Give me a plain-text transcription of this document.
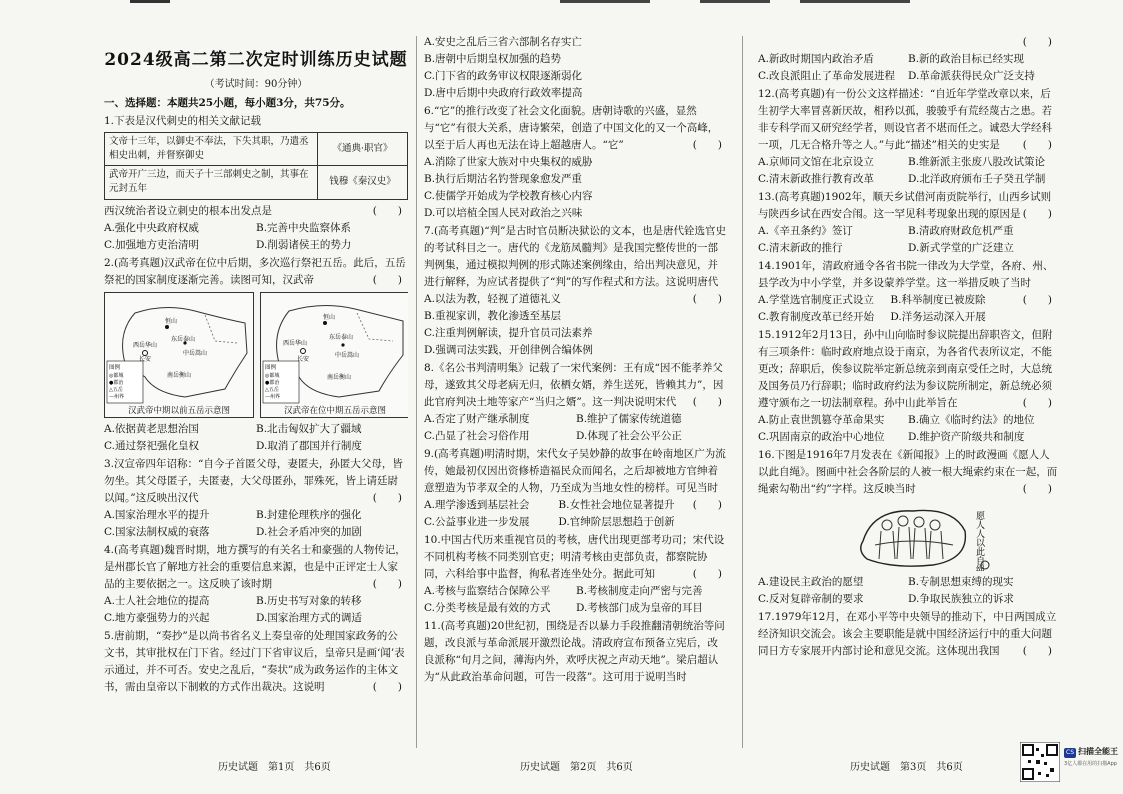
2024级高二第二次定时训练历史试题
（考试时间：90分钟）
一、选择题：本题共25小题，每小题3分，共75分。
1.下表是汉代刺史的相关文献记载
文帝十三年，以御史不奉法，下失其职，乃遣丞相史出刺，并督察御史	《通典·职官》
武帝开广三边，而天子十三部刺史之制，其事在元封五年	钱穆《秦汉史》
西汉统治者设立刺史的根本出发点是	(　　)
A.强化中央政府权威	B.完善中央监察体系
C.加强地方吏治清明	D.削弱诸侯王的势力
2.(高考真题)汉武帝在位中后期，多次巡行祭祀五岳。此后，五岳祭祀的国家制度逐渐完善。读图可知，汉武帝	(　　)
恒山
东岳泰山
中岳嵩山
西岳华山
南岳衡山
长安
图例
◎都城
●郡治
△五岳
—州界
汉武帝中期以前五岳示意图
恒山
东岳泰山
中岳嵩山
西岳华山
南岳衡山
长安
图例
◎都城
●郡治
△五岳
—州界
汉武帝在位中期五岳示意图
A.依据黄老思想治国	B.北击匈奴扩大了疆域
C.通过祭祀强化皇权	D.取消了郡国并行制度
3.汉宣帝四年诏称：“自今子首匿父母，妻匿夫，孙匿大父母，皆勿坐。其父母匿子，夫匿妻，大父母匿孙，罪殊死，皆上请廷尉以闻。”这反映出汉代	(　　)
A.国家治理水平的提升	B.封建伦理秩序的强化
C.国家法制权威的衰落	D.社会矛盾冲突的加剧
4.(高考真题)魏晋时期，地方撰写的有关名士和豪强的人物传记，是州郡长官了解地方社会的重要信息来源，也是中正评定士人家品的主要依据之一。这反映了该时期	(　　)
A.士人社会地位的提高	B.历史书写对象的转移
C.地方豪强势力的兴起	D.国家治理方式的调适
5.唐前期，“奏抄”是以尚书省名义上奏皇帝的处理国家政务的公文书，其审批权在门下省。经过门下省审议后，皇帝只是画‘闻’表示通过，并不可否。安史之乱后，“奏状”成为政务运作的主体文书，需由皇帝以下制敕的方式作出裁决。这说明	(　　)
A.安史之乱后三省六部制名存实亡
B.唐朝中后期皇权加强的趋势
C.门下省的政务审议权限逐渐弱化
D.唐中后期中央政府行政效率提高
6.“它”的推行改变了社会文化面貌。唐朝诗歌的兴盛，显然与“它”有很大关系，唐诗繁荣，创造了中国文化的又一个高峰，以至于后人再也无法在诗上超越唐人。“它”	(　　)
A.消除了世家大族对中央集权的威胁
B.执行后期沽名钓誉现象愈发严重
C.使儒学开始成为学校教育核心内容
D.可以培植全国人民对政治之兴味
7.(高考真题)“判”是古时官员断决狱讼的文本，也是唐代铨选官史的考试科目之一。唐代的《龙筋凤髓判》是我国完整传世的一部判例集，通过模拟判例的形式陈述案例缘由，给出判决意见，并进行解释，为应试者提供了“判”的写作程式和方法。这说明唐代
(　　)
A.以法为教，轻视了道德礼义
B.重视家训，教化渗透至基层
C.注重判例解读，提升官员司法素养
D.强调司法实践，开创律例合编体例
8.《名公书判清明集》记载了一宋代案例：王有成“因不能孝养父母，遂致其父母老病无归，依栖女婿，养生送死，皆赖其力”，因此官府判决土地等家产“当归之婿”。这一判决说明宋代 (　　)
A.否定了财产继承制度	B.维护了儒家传统道德
C.凸显了社会习俗作用	D.体现了社会公平公正
9.(高考真题)明清时期，宋代女子吴妙静的故事在岭南地区广为流传，她最初仅因出资修桥造福民众而闻名，之后却被地方官绅着意塑造为节孝双全的人物，乃至成为当地女性的榜样。可见当时
(　　)
A.理学渗透到基层社会	B.女性社会地位显著提升
C.公益事业进一步发展	D.官绅阶层思想趋于创新
10.中国古代历来重视官员的考核，唐代出现更部考功司；宋代设不同机构考核不同类别官吏；明清考核由吏部负责，都察院协同，六科给事中监督，徇私者连坐处分。据此可知	(　　)
A.考核与监察结合保障公平	B.考核制度走向严密与完善
C.分类考核是最有效的方式	D.考核部门成为皇帝的耳目
11.(高考真题)20世纪初，围绕是否以暴力手段推翻清朝统治等问题，改良派与革命派展开激烈论战。清政府宣布预备立宪后，改良派称“旬月之间，薄海内外，欢呼庆祝之声动天地”。梁启超认为“从此政治革命问题，可告一段落”。这可用于说明当时
(　　)
A.新政时期国内政治矛盾	B.新的政治目标已经实现
C.改良派阻止了革命发展进程	D.革命派获得民众广泛支持
12.(高考真题)有一份公文这样描述：“自近年学堂改章以来，后生初学大率冒喜新厌故，相矜以孤，骏骏乎有荒经蔑古之患。若非专科学而又研究经学者，则设官者不堪而任之。诚恐大学经科一项，几无合格升等之人。”与此“描述”相关的史实是 (　　)
A.京师同文馆在北京设立	B.维新派主张废八股改试策论
C.清末新政推行教育改革	D.北洋政府颁布壬子癸丑学制
13.(高考真题)1902年，顺天乡试借河南贡院举行，山西乡试则与陕西乡试在西安合闱。这一罕见科考现象出现的原因是 (　　)
A.《辛丑条约》签订	B.清政府财政危机严重
C.清末新政的推行	D.新式学堂的广泛建立
14.1901年，清政府通令各省书院一律改为大学堂，各府、州、县学改为中小学堂，并多设蒙养学堂。这一举措反映了当时
(　　)
A.学堂选官制度正式设立	B.科举制度已被废除
C.教育制度改革已经开始	D.洋务运动深入开展
15.1912年2月13日，孙中山向临时参议院提出辞职咨文，但附有三项条件：临时政府地点设于南京，为各省代表所议定，不能更改；辞职后，俟参议院举定新总统亲到南京受任之时，大总统及国务员乃行辞职；临时政府约法为参议院所制定，新总统必须遵守颁布之一切法制章程。孙中山此举旨在	(　　)
A.防止袁世凯篡夺革命果实	B.确立《临时约法》的地位
C.巩固南京的政治中心地位	D.维护资产阶级共和制度
16.下图是1916年7月发表在《新闻报》上的时政漫画《愿人人以此自绳》。图画中社会各阶层的人被一根大绳索约束在一起，而绳索勾勒出“约”字样。这反映当时	(　　)
愿人人以此自绳
A.建设民主政治的愿望	B.专制思想束缚的现实
C.反对复辟帝制的要求	D.争取民族独立的诉求
17.1979年12月，在邓小平等中央领导的推动下，中日两国成立经济知识交流会。该会主要职能是就中国经济运行中的重大问题同日方专家展开内部讨论和意见交流。这体现出我国 (　　)
历史试题　第1页　共6页	历史试题　第2页　共6页	历史试题　第3页　共6页
CS 扫描全能王
3亿人都在用的扫描App
